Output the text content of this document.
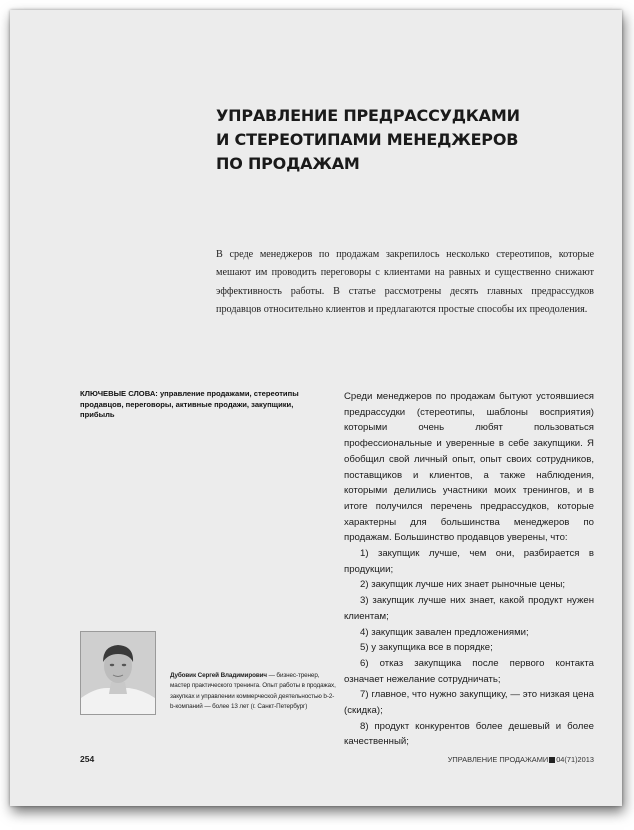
УПРАВЛЕНИЕ ПРЕДРАССУДКАМИ
И СТЕРЕОТИПАМИ МЕНЕДЖЕРОВ
ПО ПРОДАЖАМ

В среде менеджеров по продажам закрепилось несколько стереотипов, которые мешают им проводить переговоры с клиентами на равных и существенно снижают эффективность работы. В статье рассмотрены десять главных предрассудков продавцов относительно клиентов и предлагаются простые способы их преодоления.

КЛЮЧЕВЫЕ СЛОВА: управление продажами, стереотипы продавцов, переговоры, активные продажи, закупщики, прибыль

Среди менеджеров по продажам бытуют устоявшиеся предрассудки (стереотипы, шаблоны восприятия) которыми очень любят пользоваться профессиональные и уверенные в себе закупщики. Я обобщил свой личный опыт, опыт своих сотрудников, поставщиков и клиентов, а также наблюдения, которыми делились участники моих тренингов, и в итоге получился перечень предрассудков, которые характерны для большинства менеджеров по продажам. Большинство продавцов уверены, что:

1) закупщик лучше, чем они, разбирается в продукции;
2) закупщик лучше них знает рыночные цены;
3) закупщик лучше них знает, какой продукт нужен клиентам;
4) закупщик завален предложениями;
5) у закупщика все в порядке;
6) отказ закупщика после первого контакта означает нежелание сотрудничать;
7) главное, что нужно закупщику, — это низкая цена (скидка);
8) продукт конкурентов более дешевый и более качественный;

Дубовик Сергей Владимирович — бизнес-тренер, мастер практического тренинга. Опыт работы в продажах, закупках и управлении коммерческой деятельностью b-2-b-компаний — более 13 лет (г. Санкт-Петербург)

254	УПРАВЛЕНИЕ ПРОДАЖАМИ 04(71)2013
